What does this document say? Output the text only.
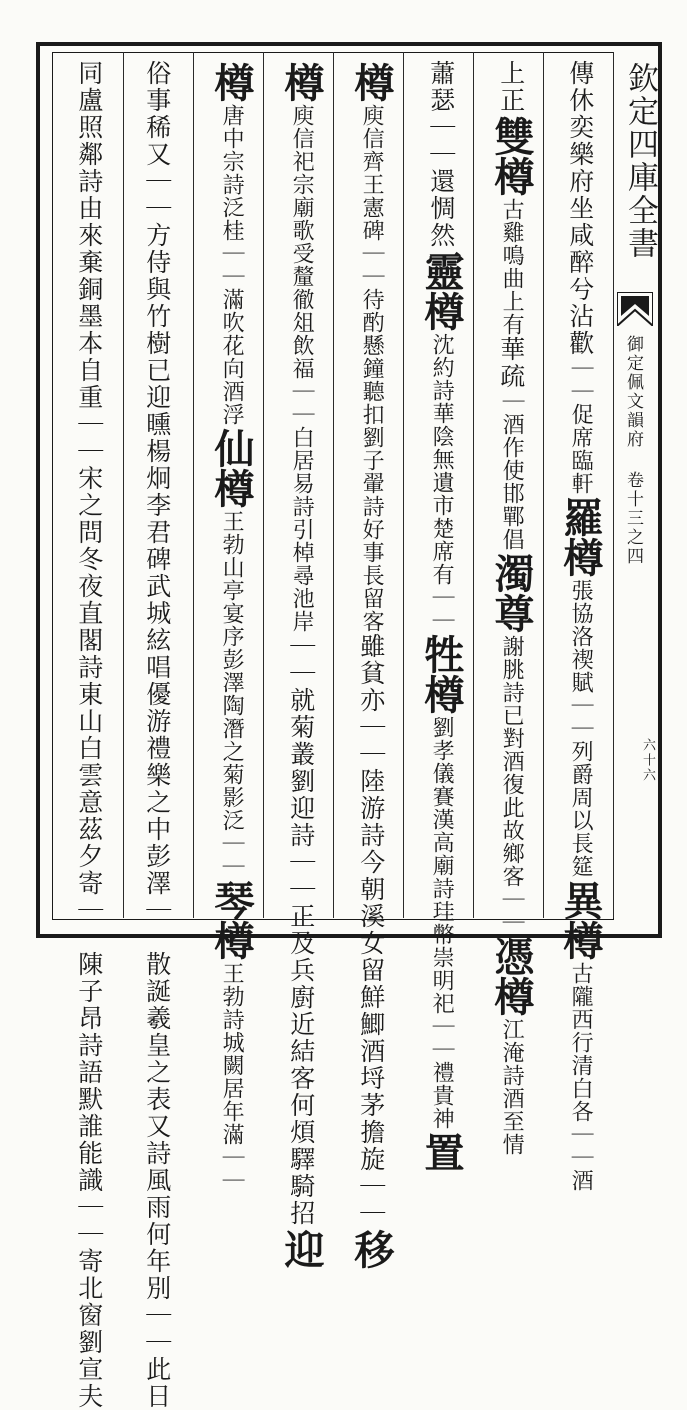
欽定四庫全書
御定佩文韻府 卷十三之四
六十六
傳休奕樂府坐咸醉兮
沾歡
｜｜促席臨軒
羅樽
張協洛禊賦
｜｜列爵周以長筵
異樽
古隴西行清白各｜｜酒
上正
雙樽
古雞鳴曲上有
華疏
｜酒作使邯鄲倡
濁尊
謝朓詩已對
酒復此故鄉客
｜｜
憑樽
江淹詩
酒至情
蕭瑟｜｜
還惆然
靈樽
沈約詩華陰無遺
市楚席有｜｜
牲樽
劉孝儀賽漢高廟詩珪
幣崇明祀｜｜禮貴神
置
樽
庾信齊王憲碑｜｜待酌懸鐘聽扣劉子翬詩好事長留客
雖貧亦｜｜陸游詩今朝溪女留鮮鯽酒埒茅擔旋｜｜
移
樽
庾信祀宗廟歌受釐徹俎飲福｜｜白居易詩引棹尋池岸
｜｜就菊叢劉迎詩｜｜正及兵廚近結客何煩驛騎招
迎
樽
唐中宗詩泛桂｜｜滿吹花向酒浮
仙樽
王勃山亭宴序彭澤
陶潛之菊影泛｜｜
琴樽
王勃詩城闕
居年滿｜｜
俗事稀又｜｜方侍與竹樹已迎曛楊炯李君碑武城絃唱優游
禮樂之中彭澤｜｜散誕羲皇之表又詩風雨何年別｜｜此日
同盧照鄰詩由來棄銅墨本自重｜｜宋之問冬夜直閣詩東山
白雲意茲夕寄｜｜陳子昂詩語默誰能識｜｜寄北窗劉宣夫
